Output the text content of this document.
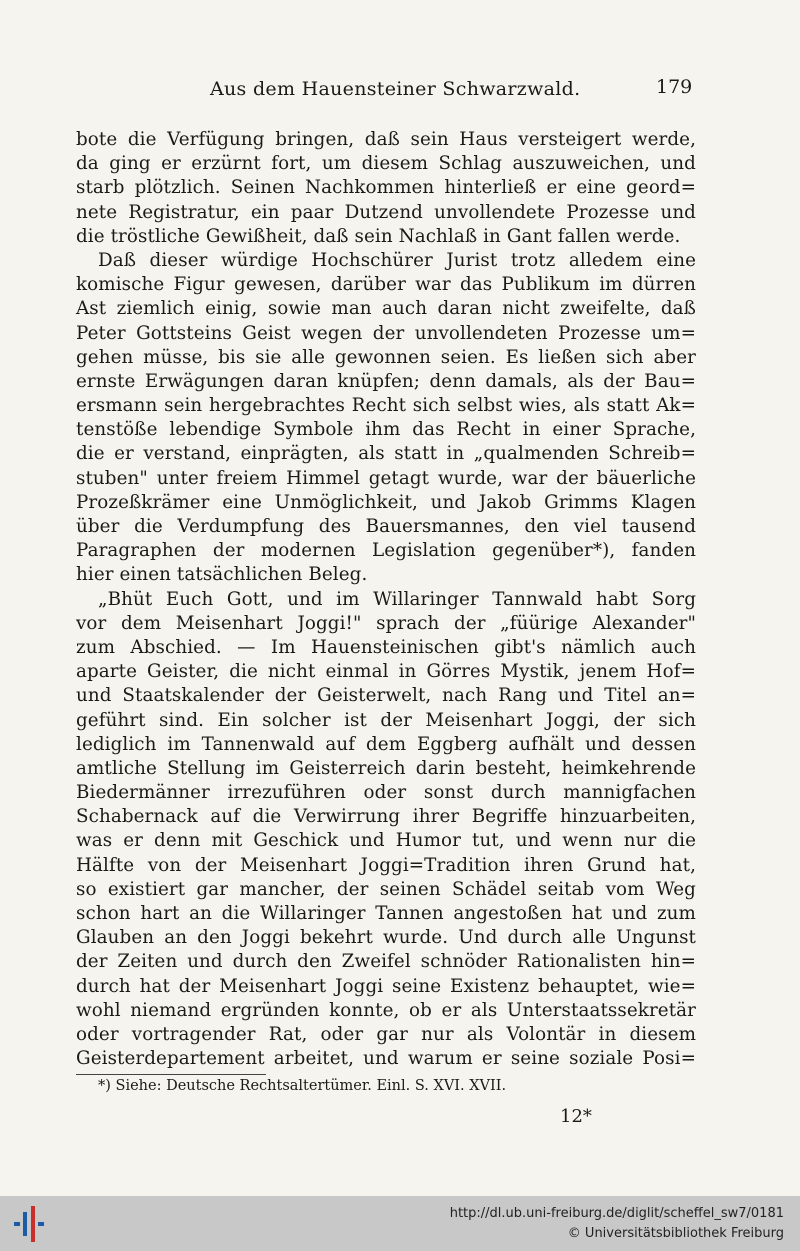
Aus dem Hauensteiner Schwarzwald.	179
bote die Verfügung bringen, daß sein Haus versteigert werde,
da ging er erzürnt fort, um diesem Schlag auszuweichen, und
starb plötzlich. Seinen Nachkommen hinterließ er eine geord=
nete Registratur, ein paar Dutzend unvollendete Prozesse und
die tröstliche Gewißheit, daß sein Nachlaß in Gant fallen werde.
Daß dieser würdige Hochschürer Jurist trotz alledem eine
komische Figur gewesen, darüber war das Publikum im dürren
Ast ziemlich einig, sowie man auch daran nicht zweifelte, daß
Peter Gottsteins Geist wegen der unvollendeten Prozesse um=
gehen müsse, bis sie alle gewonnen seien. Es ließen sich aber
ernste Erwägungen daran knüpfen; denn damals, als der Bau=
ersmann sein hergebrachtes Recht sich selbst wies, als statt Ak=
tenstöße lebendige Symbole ihm das Recht in einer Sprache,
die er verstand, einprägten, als statt in „qualmenden Schreib=
stuben" unter freiem Himmel getagt wurde, war der bäuerliche
Prozeßkrämer eine Unmöglichkeit, und Jakob Grimms Klagen
über die Verdumpfung des Bauersmannes, den viel tausend
Paragraphen der modernen Legislation gegenüber*), fanden
hier einen tatsächlichen Beleg.
„Bhüt Euch Gott, und im Willaringer Tannwald habt Sorg
vor dem Meisenhart Joggi!" sprach der „füürige Alexander"
zum Abschied. — Im Hauensteinischen gibt's nämlich auch
aparte Geister, die nicht einmal in Görres Mystik, jenem Hof=
und Staatskalender der Geisterwelt, nach Rang und Titel an=
geführt sind. Ein solcher ist der Meisenhart Joggi, der sich
lediglich im Tannenwald auf dem Eggberg aufhält und dessen
amtliche Stellung im Geisterreich darin besteht, heimkehrende
Biedermänner irrezuführen oder sonst durch mannigfachen
Schabernack auf die Verwirrung ihrer Begriffe hinzuarbeiten,
was er denn mit Geschick und Humor tut, und wenn nur die
Hälfte von der Meisenhart Joggi=Tradition ihren Grund hat,
so existiert gar mancher, der seinen Schädel seitab vom Weg
schon hart an die Willaringer Tannen angestoßen hat und zum
Glauben an den Joggi bekehrt wurde. Und durch alle Ungunst
der Zeiten und durch den Zweifel schnöder Rationalisten hin=
durch hat der Meisenhart Joggi seine Existenz behauptet, wie=
wohl niemand ergründen konnte, ob er als Unterstaatssekretär
oder vortragender Rat, oder gar nur als Volontär in diesem
Geisterdepartement arbeitet, und warum er seine soziale Posi=
*) Siehe: Deutsche Rechtsaltertümer. Einl. S. XVI. XVII.
12*
http://dl.ub.uni-freiburg.de/diglit/scheffel_sw7/0181
© Universitätsbibliothek Freiburg
